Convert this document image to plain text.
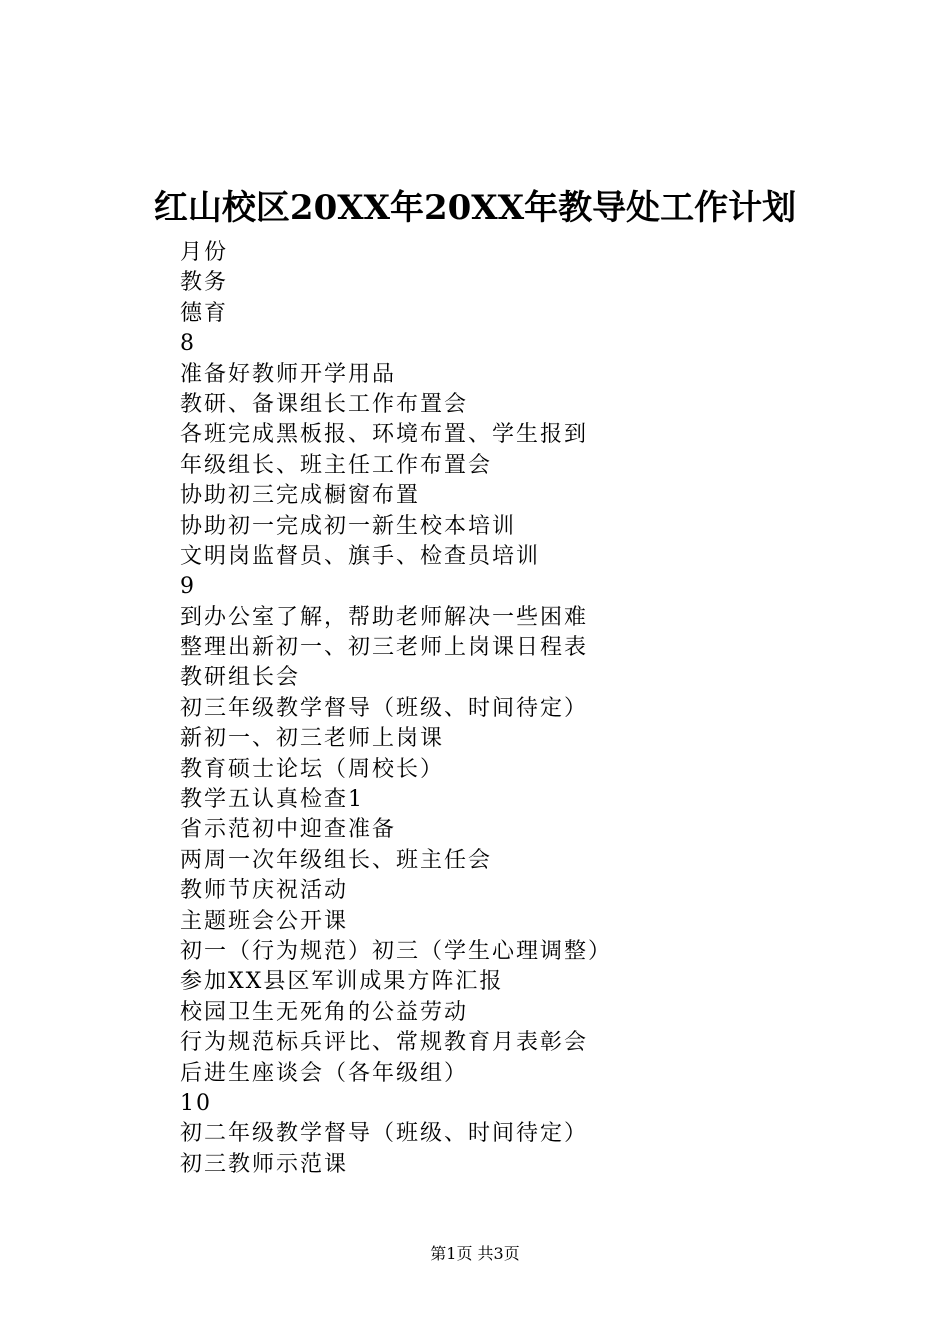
红山校区20XX年20XX年教导处工作计划
月份
教务
德育
8
准备好教师开学用品
教研、备课组长工作布置会
各班完成黑板报、环境布置、学生报到
年级组长、班主任工作布置会
协助初三完成橱窗布置
协助初一完成初一新生校本培训
文明岗监督员、旗手、检查员培训
9
到办公室了解，帮助老师解决一些困难
整理出新初一、初三老师上岗课日程表
教研组长会
初三年级教学督导（班级、时间待定）
新初一、初三老师上岗课
教育硕士论坛（周校长）
教学五认真检查1
省示范初中迎查准备
两周一次年级组长、班主任会
教师节庆祝活动
主题班会公开课
初一（行为规范）初三（学生心理调整）
参加XX县区军训成果方阵汇报
校园卫生无死角的公益劳动
行为规范标兵评比、常规教育月表彰会
后进生座谈会（各年级组）
10
初二年级教学督导（班级、时间待定）
初三教师示范课
第1页 共3页
